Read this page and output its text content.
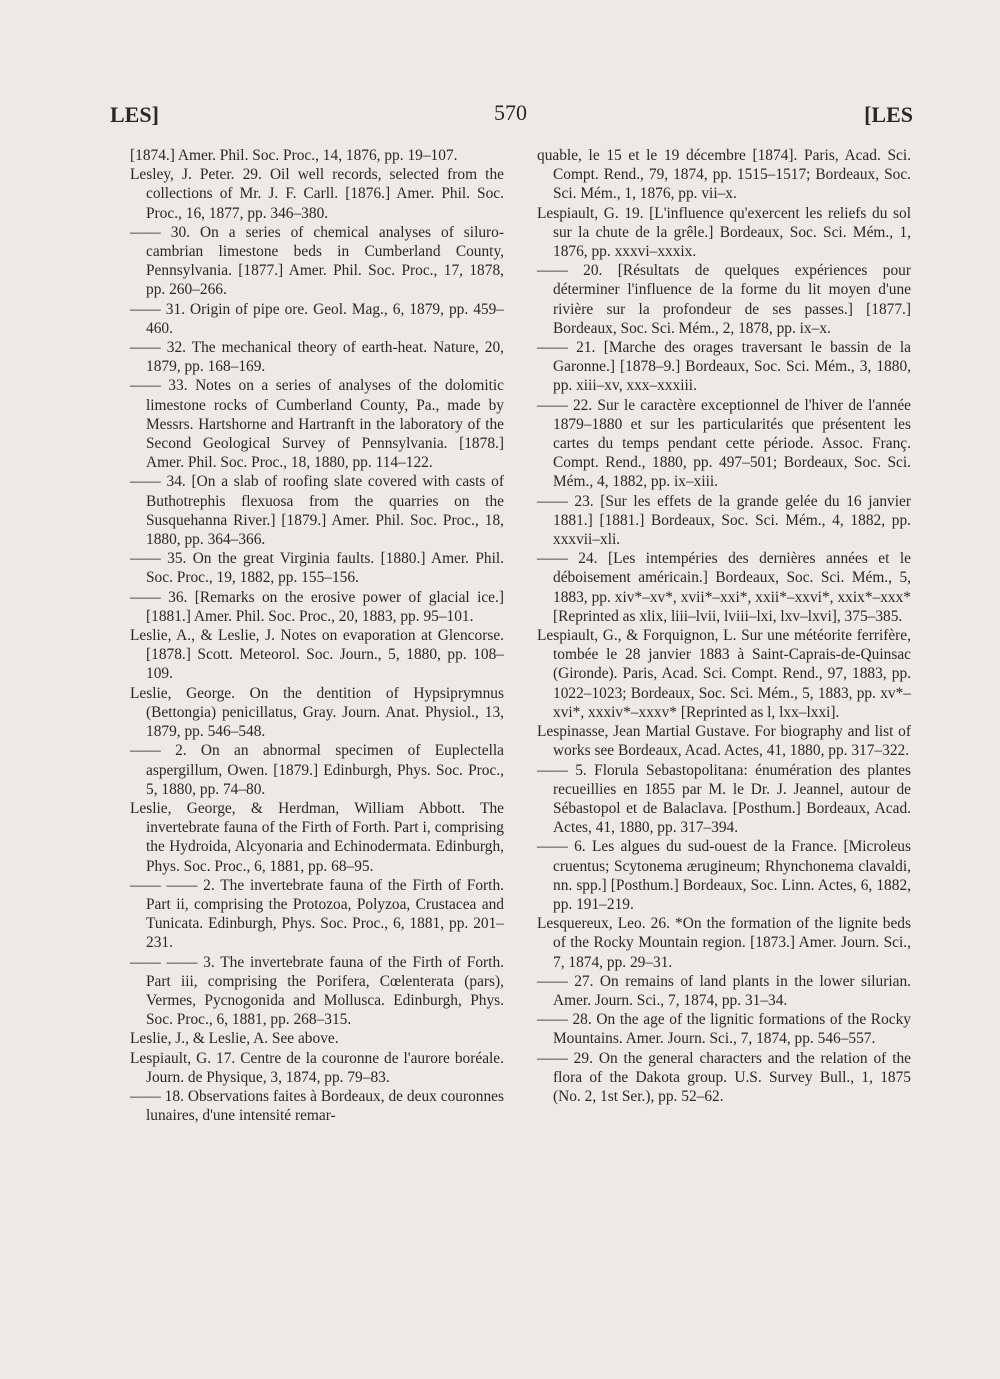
LES]	570	[LES

[1874.] Amer. Phil. Soc. Proc., 14, 1876, pp. 19–107.

Lesley, J. Peter. 29. Oil well records, selected from the collections of Mr. J. F. Carll. [1876.] Amer. Phil. Soc. Proc., 16, 1877, pp. 346–380.

—— 30. On a series of chemical analyses of siluro-cambrian limestone beds in Cumberland County, Pennsylvania. [1877.] Amer. Phil. Soc. Proc., 17, 1878, pp. 260–266.

—— 31. Origin of pipe ore. Geol. Mag., 6, 1879, pp. 459–460.

—— 32. The mechanical theory of earth-heat. Nature, 20, 1879, pp. 168–169.

—— 33. Notes on a series of analyses of the dolomitic limestone rocks of Cumberland County, Pa., made by Messrs. Hartshorne and Hartranft in the laboratory of the Second Geological Survey of Pennsylvania. [1878.] Amer. Phil. Soc. Proc., 18, 1880, pp. 114–122.

—— 34. [On a slab of roofing slate covered with casts of Buthotrephis flexuosa from the quarries on the Susquehanna River.] [1879.] Amer. Phil. Soc. Proc., 18, 1880, pp. 364–366.

—— 35. On the great Virginia faults. [1880.] Amer. Phil. Soc. Proc., 19, 1882, pp. 155–156.

—— 36. [Remarks on the erosive power of glacial ice.] [1881.] Amer. Phil. Soc. Proc., 20, 1883, pp. 95–101.

Leslie, A., & Leslie, J. Notes on evaporation at Glencorse. [1878.] Scott. Meteorol. Soc. Journ., 5, 1880, pp. 108–109.

Leslie, George. On the dentition of Hypsiprymnus (Bettongia) penicillatus, Gray. Journ. Anat. Physiol., 13, 1879, pp. 546–548.

—— 2. On an abnormal specimen of Euplectella aspergillum, Owen. [1879.] Edinburgh, Phys. Soc. Proc., 5, 1880, pp. 74–80.

Leslie, George, & Herdman, William Abbott. The invertebrate fauna of the Firth of Forth. Part i, comprising the Hydroida, Alcyonaria and Echinodermata. Edinburgh, Phys. Soc. Proc., 6, 1881, pp. 68–95.

—— —— 2. The invertebrate fauna of the Firth of Forth. Part ii, comprising the Protozoa, Polyzoa, Crustacea and Tunicata. Edinburgh, Phys. Soc. Proc., 6, 1881, pp. 201–231.

—— —— 3. The invertebrate fauna of the Firth of Forth. Part iii, comprising the Porifera, Cœlenterata (pars), Vermes, Pycnogonida and Mollusca. Edinburgh, Phys. Soc. Proc., 6, 1881, pp. 268–315.

Leslie, J., & Leslie, A. See above.

Lespiault, G. 17. Centre de la couronne de l'aurore boréale. Journ. de Physique, 3, 1874, pp. 79–83.

—— 18. Observations faites à Bordeaux, de deux couronnes lunaires, d'une intensité remar-

quable, le 15 et le 19 décembre [1874]. Paris, Acad. Sci. Compt. Rend., 79, 1874, pp. 1515–1517; Bordeaux, Soc. Sci. Mém., 1, 1876, pp. vii–x.

Lespiault, G. 19. [L'influence qu'exercent les reliefs du sol sur la chute de la grêle.] Bordeaux, Soc. Sci. Mém., 1, 1876, pp. xxxvi–xxxix.

—— 20. [Résultats de quelques expériences pour déterminer l'influence de la forme du lit moyen d'une rivière sur la profondeur de ses passes.] [1877.] Bordeaux, Soc. Sci. Mém., 2, 1878, pp. ix–x.

—— 21. [Marche des orages traversant le bassin de la Garonne.] [1878–9.] Bordeaux, Soc. Sci. Mém., 3, 1880, pp. xiii–xv, xxx–xxxiii.

—— 22. Sur le caractère exceptionnel de l'hiver de l'année 1879–1880 et sur les particularités que présentent les cartes du temps pendant cette période. Assoc. Franç. Compt. Rend., 1880, pp. 497–501; Bordeaux, Soc. Sci. Mém., 4, 1882, pp. ix–xiii.

—— 23. [Sur les effets de la grande gelée du 16 janvier 1881.] [1881.] Bordeaux, Soc. Sci. Mém., 4, 1882, pp. xxxvii–xli.

—— 24. [Les intempéries des dernières années et le déboisement américain.] Bordeaux, Soc. Sci. Mém., 5, 1883, pp. xiv*–xv*, xvii*–xxi*, xxii*–xxvi*, xxix*–xxx* [Reprinted as xlix, liii–lvii, lviii–lxi, lxv–lxvi], 375–385.

Lespiault, G., & Forquignon, L. Sur une météorite ferrifère, tombée le 28 janvier 1883 à Saint-Caprais-de-Quinsac (Gironde). Paris, Acad. Sci. Compt. Rend., 97, 1883, pp. 1022–1023; Bordeaux, Soc. Sci. Mém., 5, 1883, pp. xv*–xvi*, xxxiv*–xxxv* [Reprinted as l, lxx–lxxi].

Lespinasse, Jean Martial Gustave. For biography and list of works see Bordeaux, Acad. Actes, 41, 1880, pp. 317–322.

—— 5. Florula Sebastopolitana: énumération des plantes recueillies en 1855 par M. le Dr. J. Jeannel, autour de Sébastopol et de Balaclava. [Posthum.] Bordeaux, Acad. Actes, 41, 1880, pp. 317–394.

—— 6. Les algues du sud-ouest de la France. [Microleus cruentus; Scytonema ærugineum; Rhynchonema clavaldi, nn. spp.] [Posthum.] Bordeaux, Soc. Linn. Actes, 6, 1882, pp. 191–219.

Lesquereux, Leo. 26. *On the formation of the lignite beds of the Rocky Mountain region. [1873.] Amer. Journ. Sci., 7, 1874, pp. 29–31.

—— 27. On remains of land plants in the lower silurian. Amer. Journ. Sci., 7, 1874, pp. 31–34.

—— 28. On the age of the lignitic formations of the Rocky Mountains. Amer. Journ. Sci., 7, 1874, pp. 546–557.

—— 29. On the general characters and the relation of the flora of the Dakota group. U.S. Survey Bull., 1, 1875 (No. 2, 1st Ser.), pp. 52–62.
